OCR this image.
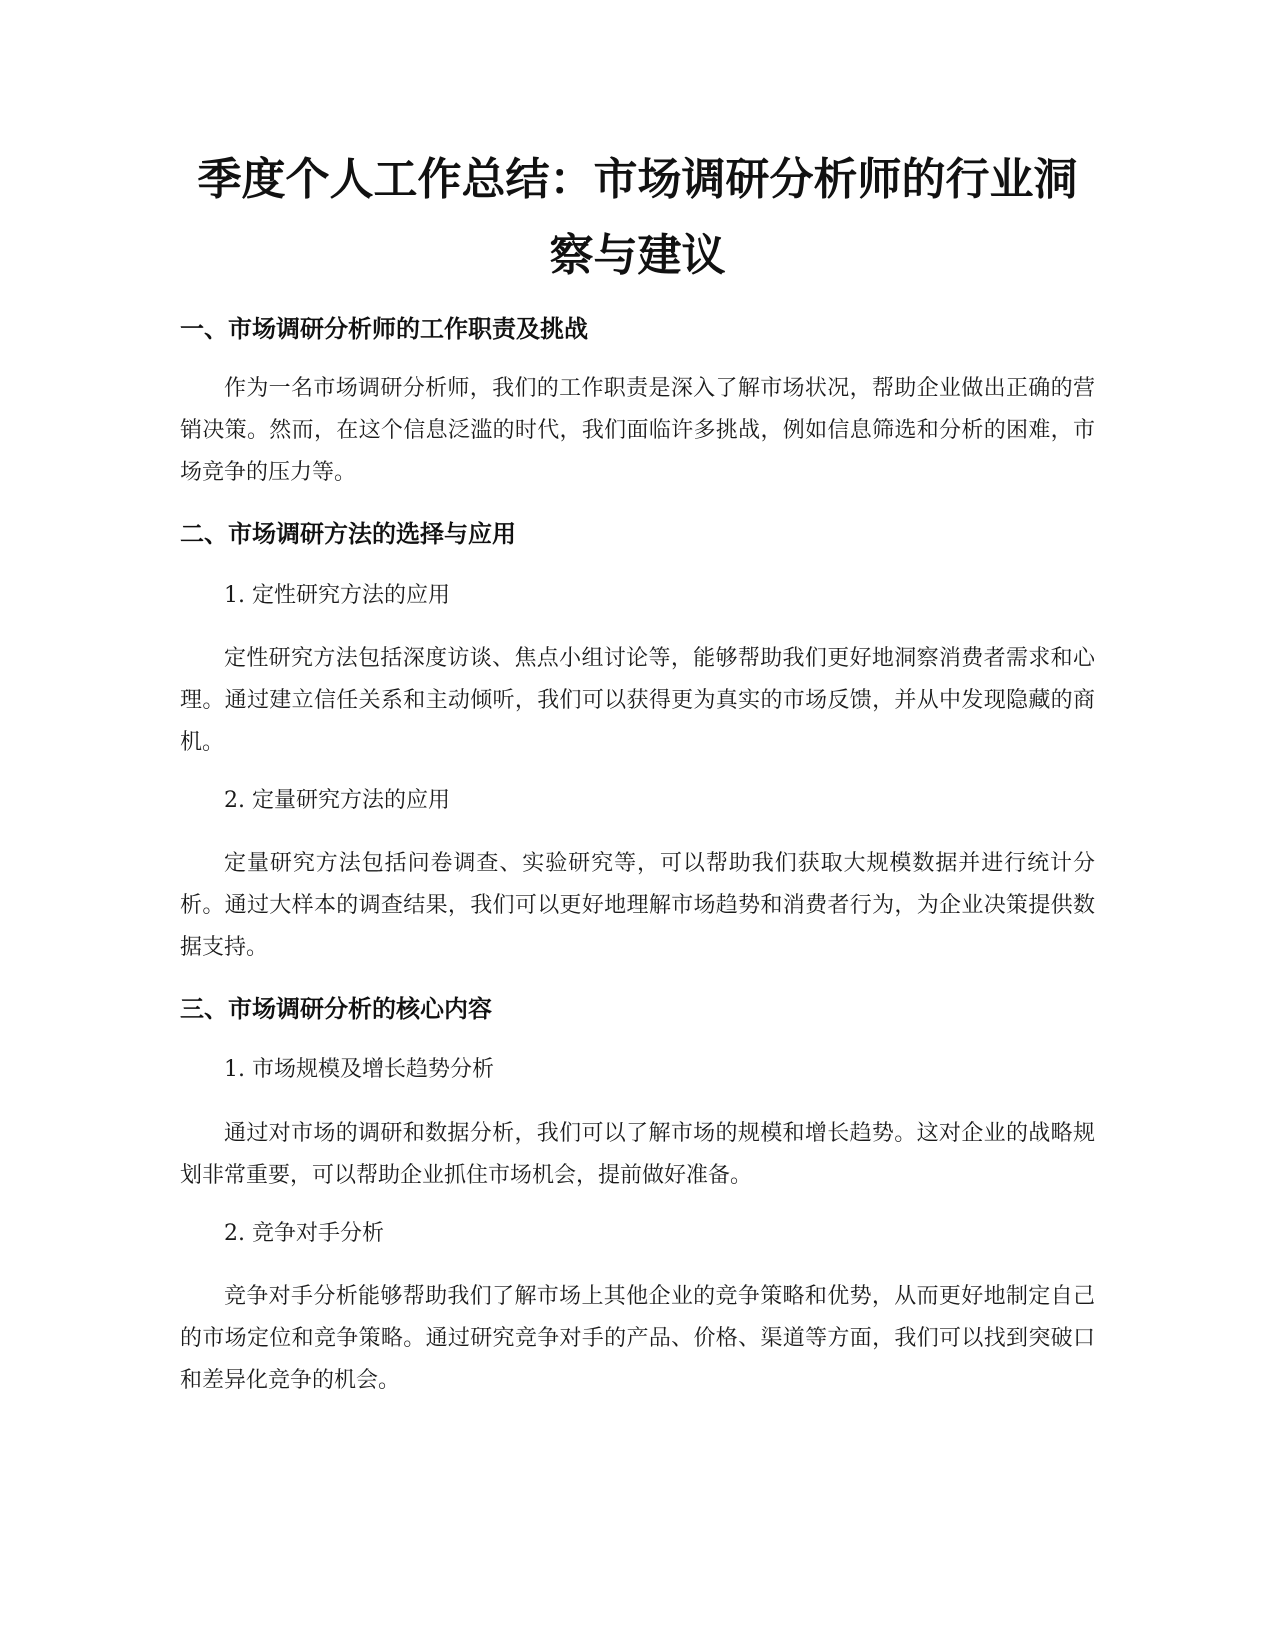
季度个人工作总结：市场调研分析师的行业洞察与建议
一、市场调研分析师的工作职责及挑战

作为一名市场调研分析师，我们的工作职责是深入了解市场状况，帮助企业做出正确的营销决策。然而，在这个信息泛滥的时代，我们面临许多挑战，例如信息筛选和分析的困难，市场竞争的压力等。

二、市场调研方法的选择与应用

1. 定性研究方法的应用

定性研究方法包括深度访谈、焦点小组讨论等，能够帮助我们更好地洞察消费者需求和心理。通过建立信任关系和主动倾听，我们可以获得更为真实的市场反馈，并从中发现隐藏的商机。

2. 定量研究方法的应用

定量研究方法包括问卷调查、实验研究等，可以帮助我们获取大规模数据并进行统计分析。通过大样本的调查结果，我们可以更好地理解市场趋势和消费者行为，为企业决策提供数据支持。

三、市场调研分析的核心内容

1. 市场规模及增长趋势分析

通过对市场的调研和数据分析，我们可以了解市场的规模和增长趋势。这对企业的战略规划非常重要，可以帮助企业抓住市场机会，提前做好准备。

2. 竞争对手分析

竞争对手分析能够帮助我们了解市场上其他企业的竞争策略和优势，从而更好地制定自己的市场定位和竞争策略。通过研究竞争对手的产品、价格、渠道等方面，我们可以找到突破口和差异化竞争的机会。
